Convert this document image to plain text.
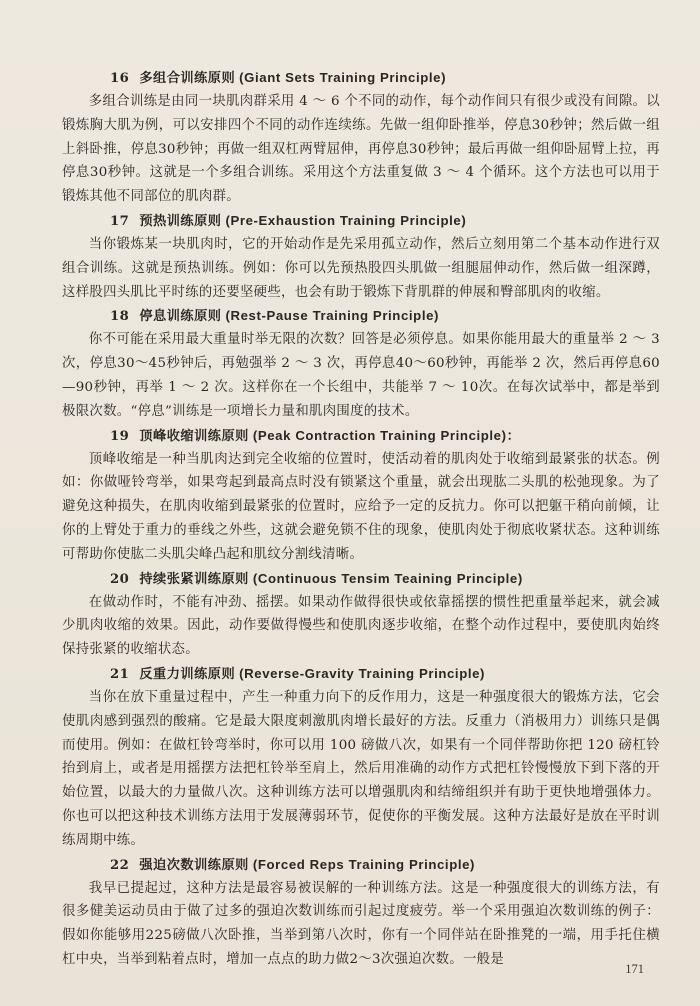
16 多组合训练原则 (Giant Sets Training Principle)

多组合训练是由同一块肌肉群采用 4 ～ 6 个不同的动作，每个动作间只有很少或没有间隙。以锻炼胸大肌为例，可以安排四个不同的动作连续练。先做一组仰卧推举，停息30秒钟；然后做一组上斜卧推，停息30秒钟；再做一组双杠两臂屈伸，再停息30秒钟；最后再做一组仰卧屈臂上拉，再停息30秒钟。这就是一个多组合训练。采用这个方法重复做 3 ～ 4 个循环。这个方法也可以用于锻炼其他不同部位的肌肉群。

17 预热训练原则 (Pre-Exhaustion Training Principle)

当你锻炼某一块肌肉时，它的开始动作是先采用孤立动作，然后立刻用第二个基本动作进行双组合训练。这就是预热训练。例如：你可以先预热股四头肌做一组腿屈伸动作，然后做一组深蹲，这样股四头肌比平时练的还要坚硬些，也会有助于锻炼下背肌群的伸展和臀部肌肉的收缩。

18 停息训练原则 (Rest-Pause Training Principle)

你不可能在采用最大重量时举无限的次数？回答是必须停息。如果你能用最大的重量举 2 ～ 3 次，停息30～45秒钟后，再勉强举 2 ～ 3 次，再停息40～60秒钟，再能举 2 次，然后再停息60—90秒钟，再举 1 ～ 2 次。这样你在一个长组中，共能举 7 ～ 10次。在每次试举中，都是举到极限次数。“停息”训练是一项增长力量和肌肉围度的技术。

19 顶峰收缩训练原则 (Peak Contraction Training Principle)：

顶峰收缩是一种当肌肉达到完全收缩的位置时，使活动着的肌肉处于收缩到最紧张的状态。例如：你做哑铃弯举，如果弯起到最高点时没有锁紧这个重量，就会出现肱二头肌的松弛现象。为了避免这种损失，在肌肉收缩到最紧张的位置时，应给予一定的反抗力。你可以把躯干稍向前倾，让你的上臂处于重力的垂线之外些，这就会避免锁不住的现象，使肌肉处于彻底收紧状态。这种训练可帮助你使肱二头肌尖峰凸起和肌纹分割线清晰。

20 持续张紧训练原则 (Continuous Tensim Teaining Principle)

在做动作时，不能有冲劲、摇摆。如果动作做得很快或依靠摇摆的惯性把重量举起来，就会减少肌肉收缩的效果。因此，动作要做得慢些和使肌肉逐步收缩，在整个动作过程中，要使肌肉始终保持张紧的收缩状态。

21 反重力训练原则 (Reverse-Gravity Training Principle)

当你在放下重量过程中，产生一种重力向下的反作用力，这是一种强度很大的锻炼方法，它会使肌肉感到强烈的酸痛。它是最大限度刺激肌肉增长最好的方法。反重力（消极用力）训练只是偶而使用。例如：在做杠铃弯举时，你可以用 100 磅做八次，如果有一个同伴帮助你把 120 磅杠铃抬到肩上，或者是用摇摆方法把杠铃举至肩上，然后用准确的动作方式把杠铃慢慢放下到下落的开始位置，以最大的力量做八次。这种训练方法可以增强肌肉和结缔组织并有助于更快地增强体力。你也可以把这种技术训练方法用于发展薄弱环节，促使你的平衡发展。这种方法最好是放在平时训练周期中练。

22 强迫次数训练原则 (Forced Reps Training Principle)

我早已提起过，这种方法是最容易被误解的一种训练方法。这是一种强度很大的训练方法，有很多健美运动员由于做了过多的强迫次数训练而引起过度疲劳。举一个采用强迫次数训练的例子：假如你能够用225磅做八次卧推，当举到第八次时，你有一个同伴站在卧推凳的一端，用手托住横杠中央，当举到粘着点时，增加一点点的助力做2～3次强迫次数。一般是

171
